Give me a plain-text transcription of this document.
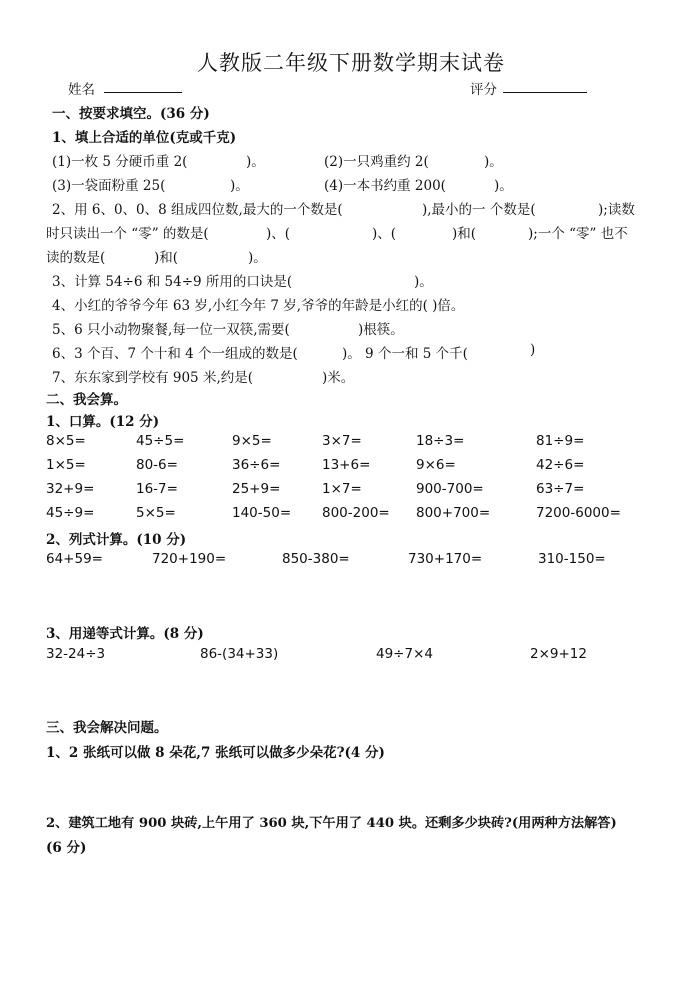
人教版二年级下册数学期末试卷
姓名	评分
一、按要求填空。(36 分)
1、填上合适的单位(克或千克)
(1)一枚 5 分硬币重 2(	)。	(2)一只鸡重约 2(	)。
(3)一袋面粉重 25(	)。	(4)一本书约重 200(	)。
2、用 6、0、0、8 组成四位数,最大的一个数是(	),最小的一 个数是(	);读数
时只读出一个 “零” 的数是(	)、(	)、(	)和(	);一个 “零” 也不
读的数是(	)和(	)。
3、计算 54÷6 和 54÷9 所用的口诀是(	)。
4、小红的爷爷今年 63 岁,小红今年 7 岁,爷爷的年龄是小红的( )倍。
5、6 只小动物聚餐,每一位一双筷,需要(	)根筷。
6、3 个百、7 个十和 4 个一组成的数是(	)。 9 个一和 5 个千(	)
7、东东家到学校有 905 米,约是(	)米。
二、我会算。
1、口算。(12 分)
8×5=	45÷5=	9×5=	3×7=	18÷3=	81÷9=
1×5=	80-6=	36÷6=	13+6=	9×6=	42÷6=
32+9=	16-7=	25+9=	1×7=	900-700=	63÷7=
45÷9=	5×5=	140-50= 800-200= 800+700=	7200-6000=
2、列式计算。(10 分)
64+59=	720+190=	850-380=	730+170=	310-150=
3、用递等式计算。(8 分)
32-24÷3	86-(34+33)	49÷7×4	2×9+12
三、我会解决问题。
1、2 张纸可以做 8 朵花,7 张纸可以做多少朵花?(4 分)
2、建筑工地有 900 块砖,上午用了 360 块,下午用了 440 块。还剩多少块砖?(用两种方法解答)
(6 分)
